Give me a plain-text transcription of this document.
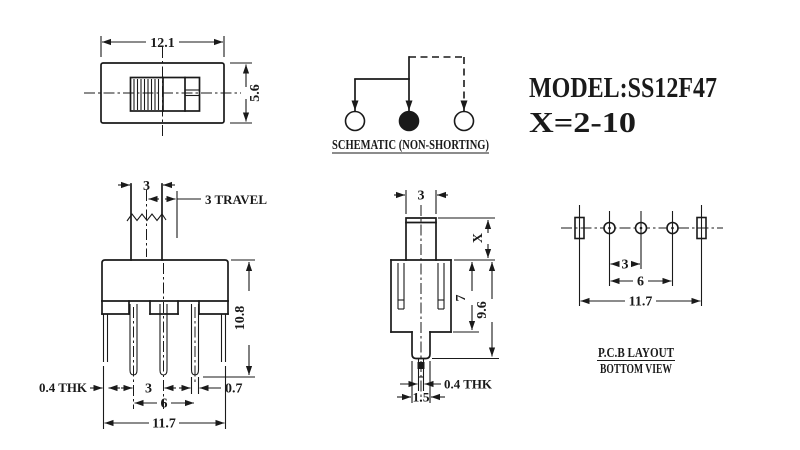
12.1
5.6
SCHEMATIC (NON-SHORTING)
MODEL:SS12F47
X=2-10
3
3 TRAVEL
10.8
0.4 THK	3	0.7
6
11.7
3
X
7
9.6
0.4 THK
1.5
3
6
11.7
P.C.B LAYOUT
BOTTOM VIEW
